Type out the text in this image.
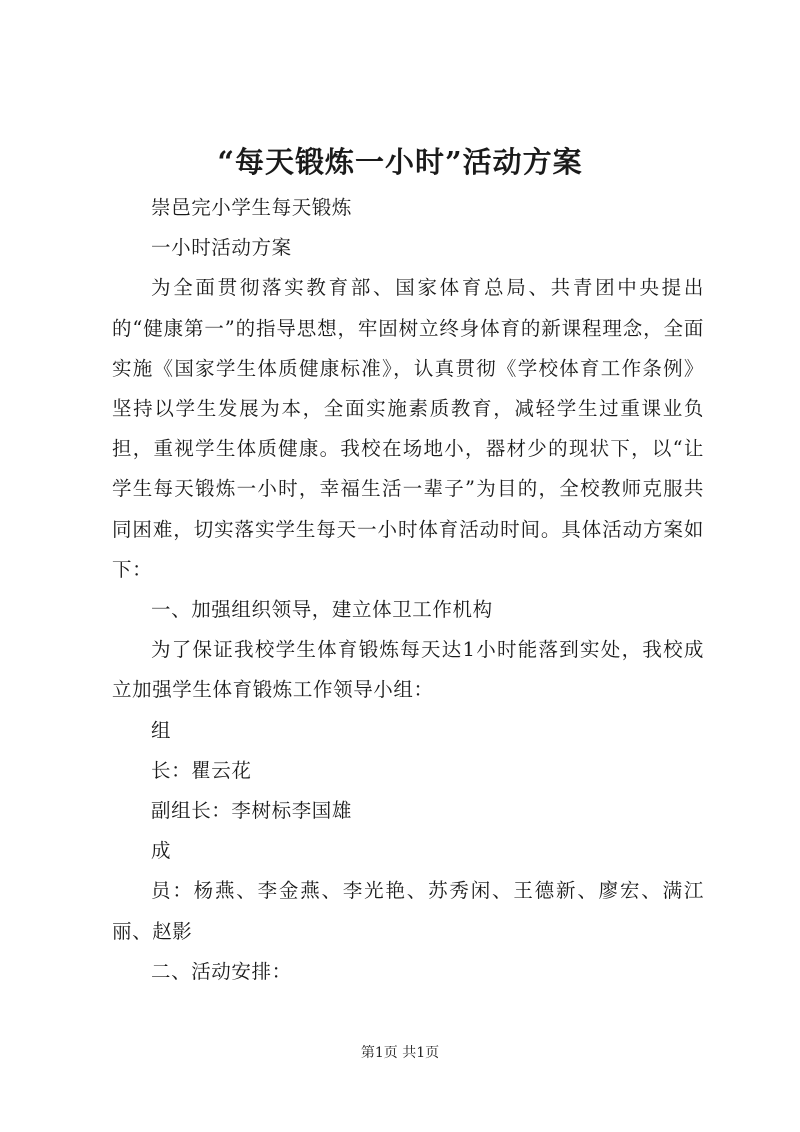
“每天锻炼一小时”活动方案

崇邑完小学生每天锻炼

一小时活动方案

为全面贯彻落实教育部、国家体育总局、共青团中央提出的“健康第一”的指导思想，牢固树立终身体育的新课程理念，全面实施《国家学生体质健康标准》，认真贯彻《学校体育工作条例》坚持以学生发展为本，全面实施素质教育，减轻学生过重课业负担，重视学生体质健康。我校在场地小，器材少的现状下，以“让学生每天锻炼一小时，幸福生活一辈子”为目的，全校教师克服共同困难，切实落实学生每天一小时体育活动时间。具体活动方案如下：

一、加强组织领导，建立体卫工作机构

为了保证我校学生体育锻炼每天达1小时能落到实处，我校成立加强学生体育锻炼工作领导小组：

组

长：瞿云花

副组长：李树标李国雄

成

员：杨燕、李金燕、李光艳、苏秀闲、王德新、廖宏、满江丽、赵影

二、活动安排：

第1页 共1页
